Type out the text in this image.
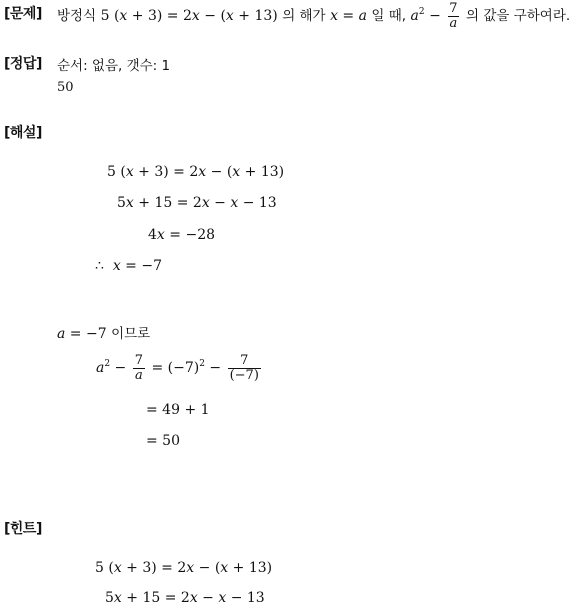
[문제] 방정식 5 (x + 3) = 2x − (x + 13) 의 해가 x = a 일 때, $a^2 - \frac{7}{a}$ 의 값을 구하여라.
[정답] 순서: 없음, 갯수: 1
50
[해설]
5 (x + 3) = 2x − (x + 13)
5x + 15 = 2x − x − 13
4x = −28
∴ x = −7
a = −7 이므로
$a^2 - \frac{7}{a} = (-7)^2 - \frac{7}{(-7)}$
= 49 + 1
= 50
[힌트]
5 (x + 3) = 2x − (x + 13)
5x + 15 = 2x − x − 13
